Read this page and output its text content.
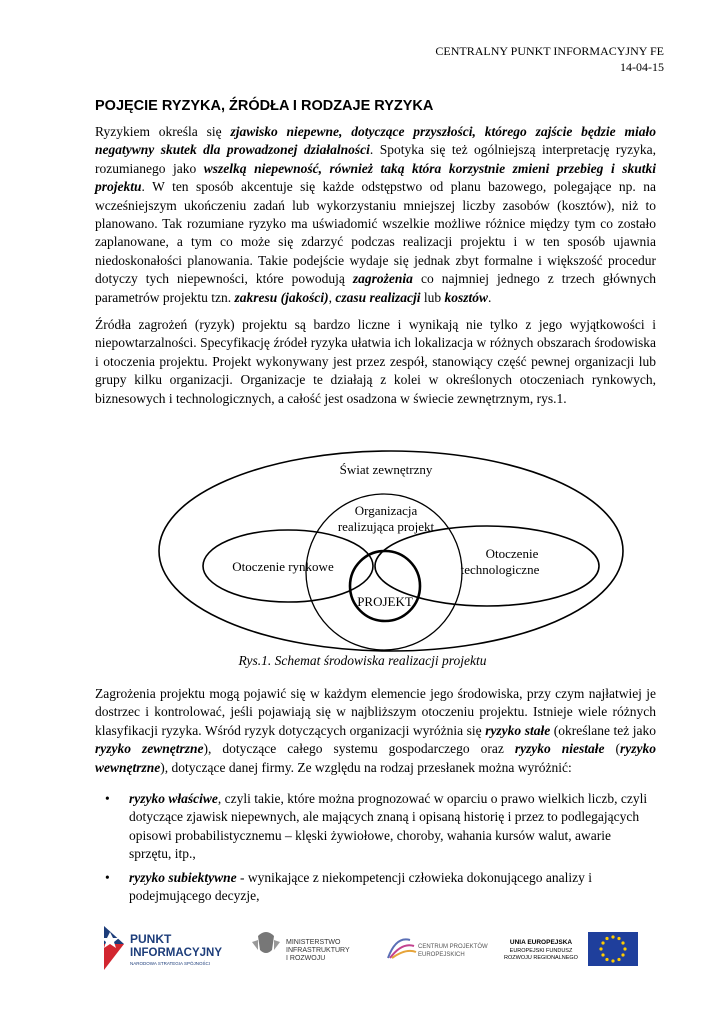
CENTRALNY PUNKT INFORMACYJNY FE
14-04-15
POJĘCIE RYZYKA, ŹRÓDŁA I RODZAJE RYZYKA
Ryzykiem określa się zjawisko niepewne, dotyczące przyszłości, którego zajście będzie miało negatywny skutek dla prowadzonej działalności. Spotyka się też ogólniejszą interpretację ryzyka, rozumianego jako wszelką niepewność, również taką która korzystnie zmieni przebieg i skutki projektu. W ten sposób akcentuje się każde odstępstwo od planu bazowego, polegające np. na wcześniejszym ukończeniu zadań lub wykorzystaniu mniejszej liczby zasobów (kosztów), niż to planowano. Tak rozumiane ryzyko ma uświadomić wszelkie możliwe różnice między tym co zostało zaplanowane, a tym co może się zdarzyć podczas realizacji projektu i w ten sposób ujawnia niedoskonałości planowania. Takie podejście wydaje się jednak zbyt formalne i większość procedur dotyczy tych niepewności, które powodują zagrożenia co najmniej jednego z trzech głównych parametrów projektu tzn. zakresu (jakości), czasu realizacji lub kosztów.
Źródła zagrożeń (ryzyk) projektu są bardzo liczne i wynikają nie tylko z jego wyjątkowości i niepowtarzalności. Specyfikację źródeł ryzyka ułatwia ich lokalizacja w różnych obszarach środowiska i otoczenia projektu. Projekt wykonywany jest przez zespół, stanowiący część pewnej organizacji lub grupy kilku organizacji. Organizacje te działają z kolei w określonych otoczeniach rynkowych, biznesowych i technologicznych, a całość jest osadzona w świecie zewnętrznym, rys.1.
Świat zewnętrzny
Organizacja
realizująca projekt
Otoczenie rynkowe
Otoczenie
technologiczne
PROJEKT
Rys.1. Schemat środowiska realizacji projektu
Zagrożenia projektu mogą pojawić się w każdym elemencie jego środowiska, przy czym najłatwiej je dostrzec i kontrolować, jeśli pojawiają się w najbliższym otoczeniu projektu. Istnieje wiele różnych klasyfikacji ryzyka. Wśród ryzyk dotyczących organizacji wyróżnia się ryzyko stałe (określane też jako ryzyko zewnętrzne), dotyczące całego systemu gospodarczego oraz ryzyko niestałe (ryzyko wewnętrzne), dotyczące danej firmy. Ze względu na rodzaj przesłanek można wyróżnić:
• ryzyko właściwe, czyli takie, które można prognozować w oparciu o prawo wielkich liczb, czyli dotyczące zjawisk niepewnych, ale mających znaną i opisaną historię i przez to podlegających opisowi probabilistycznemu – klęski żywiołowe, choroby, wahania kursów walut, awarie sprzętu, itp.,
• ryzyko subiektywne - wynikające z niekompetencji człowieka dokonującego analizy i podejmującego decyzje,
PUNKT
INFORMACYJNY
NARODOWA STRATEGIA SPÓJNOŚCI
MINISTERSTWO
INFRASTRUKTURY
I ROZWOJU
CENTRUM PROJEKTÓW
EUROPEJSKICH
UNIA EUROPEJSKA
EUROPEJSKI FUNDUSZ
ROZWOJU REGIONALNEGO
